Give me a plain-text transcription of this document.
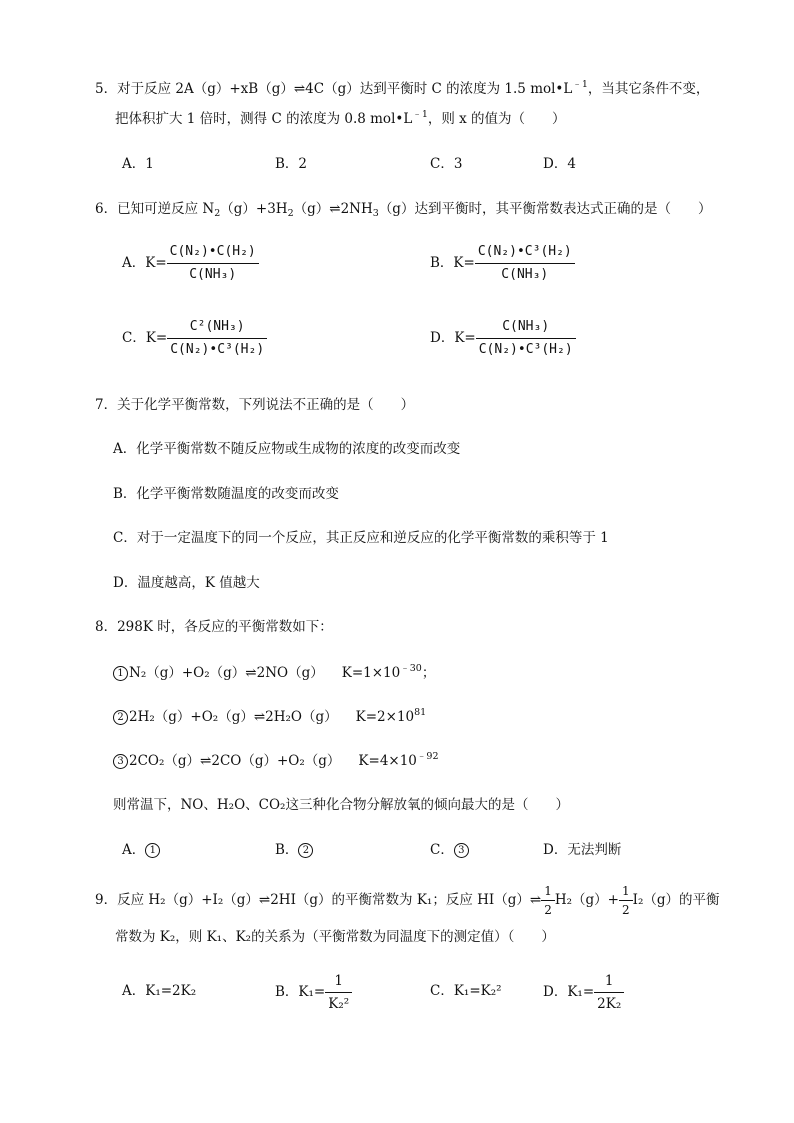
5．对于反应 2A（g）+xB（g）⇌4C（g）达到平衡时 C 的浓度为 1.5 $mol•L^{﹣1}$，当其它条件不变，
把体积扩大 1 倍时，测得 C 的浓度为 0.8 $mol•L^{﹣1}$，则 x 的值为（　　）
A．1	B．2	C．3	D．4
6．已知可逆反应 $N_2(g)+3H_2(g)\rightleftharpoons 2NH_3(g)$达到平衡时，其平衡常数表达式正确的是（　　）
A．$K= \frac{\text{C(N₂)•C(H₂)}}{\text{C(NH₃)}}$	B．$K= \frac{\text{C(N₂)•C³(H₂)}}{\text{C(NH₃)}}$
C．$K= \frac{\text{C²(NH₃)}}{\text{C(N₂)•C³(H₂)}}$	D．$K= \frac{\text{C(NH₃)}}{\text{C(N₂)•C³(H₂)}}$
7．关于化学平衡常数，下列说法不正确的是（　　）
A．化学平衡常数不随反应物或生成物的浓度的改变而改变
B．化学平衡常数随温度的改变而改变
C．对于一定温度下的同一个反应，其正反应和逆反应的化学平衡常数的乘积等于 1
D．温度越高，K 值越大
8．298K 时，各反应的平衡常数如下：
1 N₂（g）+O₂（g）⇌2NO（g） $K=1\times 10^{﹣30}$；
2 2H₂（g）+O₂（g）⇌2H₂O（g） $K=2\times 10^{81}$
3 2CO₂（g）⇌2CO（g）+O₂（g） $K=4\times 10^{﹣92}$
则常温下，NO、H₂O、CO₂这三种化合物分解放氧的倾向最大的是（　　）
A． 1	B． 2	C． 3	D．无法判断
9．反应 H₂（g）+I₂（g）⇌2HI（g）的平衡常数为 K₁；反应 HI（g）⇌ $\frac{1}{2} H_2(g)+ \frac{1}{2} I_2(g)$的平衡
常数为 K₂，则 K₁、K₂的关系为（平衡常数为同温度下的测定值）（　　）
A．K₁=2K₂	B．$K_1= \frac{1}{\text{K₂²}}$	C．K₁=K₂²	D．$K_1= \frac{1}{\text{2K₂}}$
